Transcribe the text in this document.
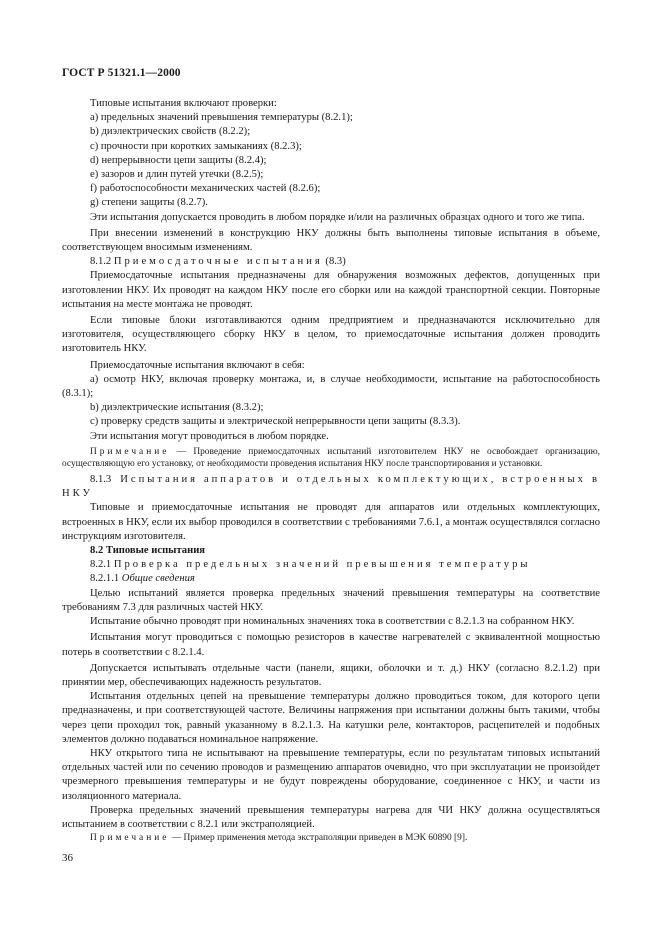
ГОСТ Р 51321.1—2000

Типовые испытания включают проверки:

a) предельных значений превышения температуры (8.2.1);

b) диэлектрических свойств (8.2.2);

c) прочности при коротких замыканиях (8.2.3);

d) непрерывности цепи защиты (8.2.4);

e) зазоров и длин путей утечки (8.2.5);

f) работоспособности механических частей (8.2.6);

g) степени защиты (8.2.7).

Эти испытания допускается проводить в любом порядке и/или на различных образцах одного и того же типа.

При внесении изменений в конструкцию НКУ должны быть выполнены типовые испытания в объеме, соответствующем вносимым изменениям.

8.1.2 Приемосдаточные испытания (8.3)

Приемосдаточные испытания предназначены для обнаружения возможных дефектов, допущенных при изготовлении НКУ. Их проводят на каждом НКУ после его сборки или на каждой транспортной секции. Повторные испытания на месте монтажа не проводят.

Если типовые блоки изготавливаются одним предприятием и предназначаются исключительно для изготовителя, осуществляющего сборку НКУ в целом, то приемосдаточные испытания должен проводить изготовитель НКУ.

Приемосдаточные испытания включают в себя:

a) осмотр НКУ, включая проверку монтажа, и, в случае необходимости, испытание на работоспособность (8.3.1);

b) диэлектрические испытания (8.3.2);

c) проверку средств защиты и электрической непрерывности цепи защиты (8.3.3).

Эти испытания могут проводиться в любом порядке.

Примечание — Проведение приемосдаточных испытаний изготовителем НКУ не освобождает организацию, осуществляющую его установку, от необходимости проведения испытания НКУ после транспортирования и установки.

8.1.3 Испытания аппаратов и отдельных комплектующих, встроенных в НКУ

Типовые и приемосдаточные испытания не проводят для аппаратов или отдельных комплектующих, встроенных в НКУ, если их выбор проводился в соответствии с требованиями 7.6.1, а монтаж осуществлялся согласно инструкциям изготовителя.

8.2 Типовые испытания

8.2.1 Проверка предельных значений превышения температуры

8.2.1.1 Общие сведения

Целью испытаний является проверка предельных значений превышения температуры на соответствие требованиям 7.3 для различных частей НКУ.

Испытание обычно проводят при номинальных значениях тока в соответствии с 8.2.1.3 на собранном НКУ.

Испытания могут проводиться с помощью резисторов в качестве нагревателей с эквивалентной мощностью потерь в соответствии с 8.2.1.4.

Допускается испытывать отдельные части (панели, ящики, оболочки и т. д.) НКУ (согласно 8.2.1.2) при принятии мер, обеспечивающих надежность результатов.

Испытания отдельных цепей на превышение температуры должно проводиться током, для которого цепи предназначены, и при соответствующей частоте. Величины напряжения при испытании должны быть такими, чтобы через цепи проходил ток, равный указанному в 8.2.1.3. На катушки реле, контакторов, расцепителей и подобных элементов должно подаваться номинальное напряжение.

НКУ открытого типа не испытывают на превышение температуры, если по результатам типовых испытаний отдельных частей или по сечению проводов и размещению аппаратов очевидно, что при эксплуатации не произойдет чрезмерного превышения температуры и не будут повреждены оборудование, соединенное с НКУ, и части из изоляционного материала.

Проверка предельных значений превышения температуры нагрева для ЧИ НКУ должна осуществляться испытанием в соответствии с 8.2.1 или экстраполяцией.

Примечание — Пример применения метода экстраполяции приведен в МЭК 60890 [9].

36
